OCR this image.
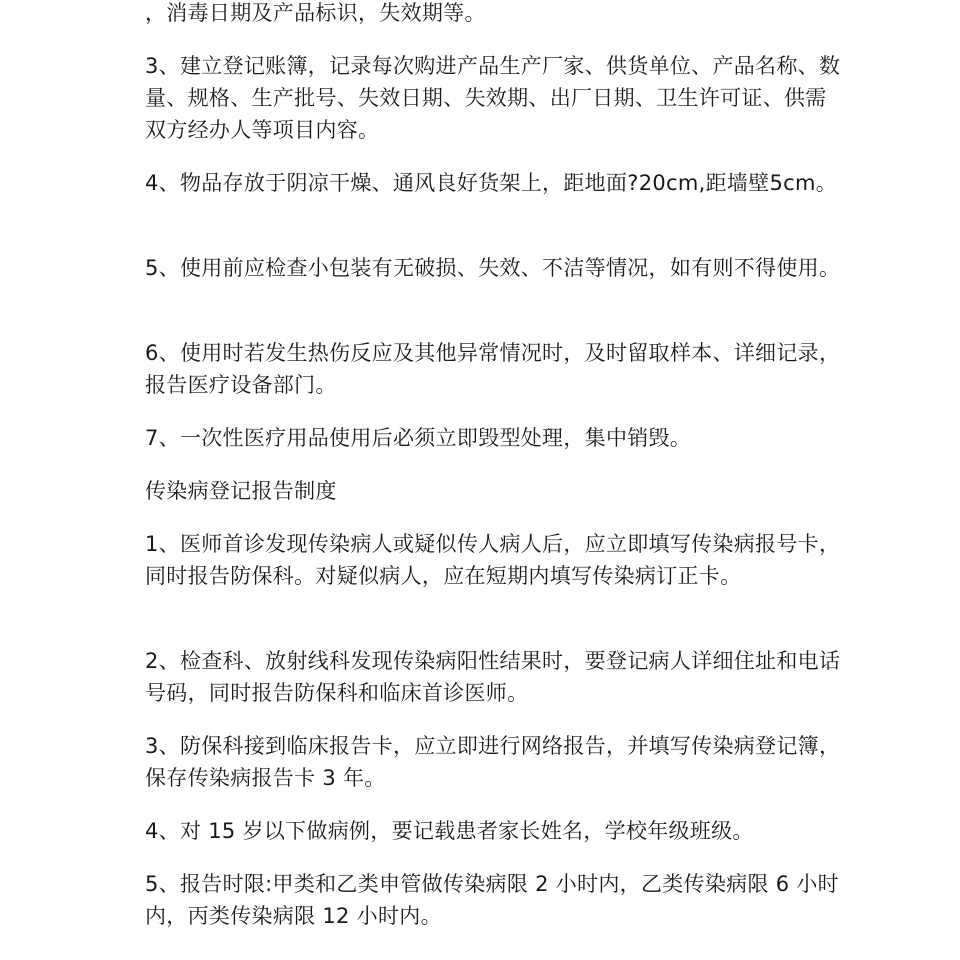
，消毒日期及产品标识，失效期等。

3、建立登记账簿，记录每次购进产品生产厂家、供货单位、产品名称、数量、规格、生产批号、失效日期、失效期、出厂日期、卫生许可证、供需双方经办人等项目内容。

4、物品存放于阴凉干燥、通风良好货架上，距地面?20cm,距墙壁5cm。

5、使用前应检查小包装有无破损、失效、不洁等情况，如有则不得使用。

6、使用时若发生热伤反应及其他异常情况时，及时留取样本、详细记录，报告医疗设备部门。

7、一次性医疗用品使用后必须立即毁型处理，集中销毁。

传染病登记报告制度

1、医师首诊发现传染病人或疑似传人病人后，应立即填写传染病报号卡，同时报告防保科。对疑似病人，应在短期内填写传染病订正卡。

2、检查科、放射线科发现传染病阳性结果时，要登记病人详细住址和电话号码，同时报告防保科和临床首诊医师。

3、防保科接到临床报告卡，应立即进行网络报告，并填写传染病登记簿，保存传染病报告卡 3 年。

4、对 15 岁以下做病例，要记载患者家长姓名，学校年级班级。

5、报告时限:甲类和乙类申管做传染病限 2 小时内，乙类传染病限 6 小时内，丙类传染病限 12 小时内。
